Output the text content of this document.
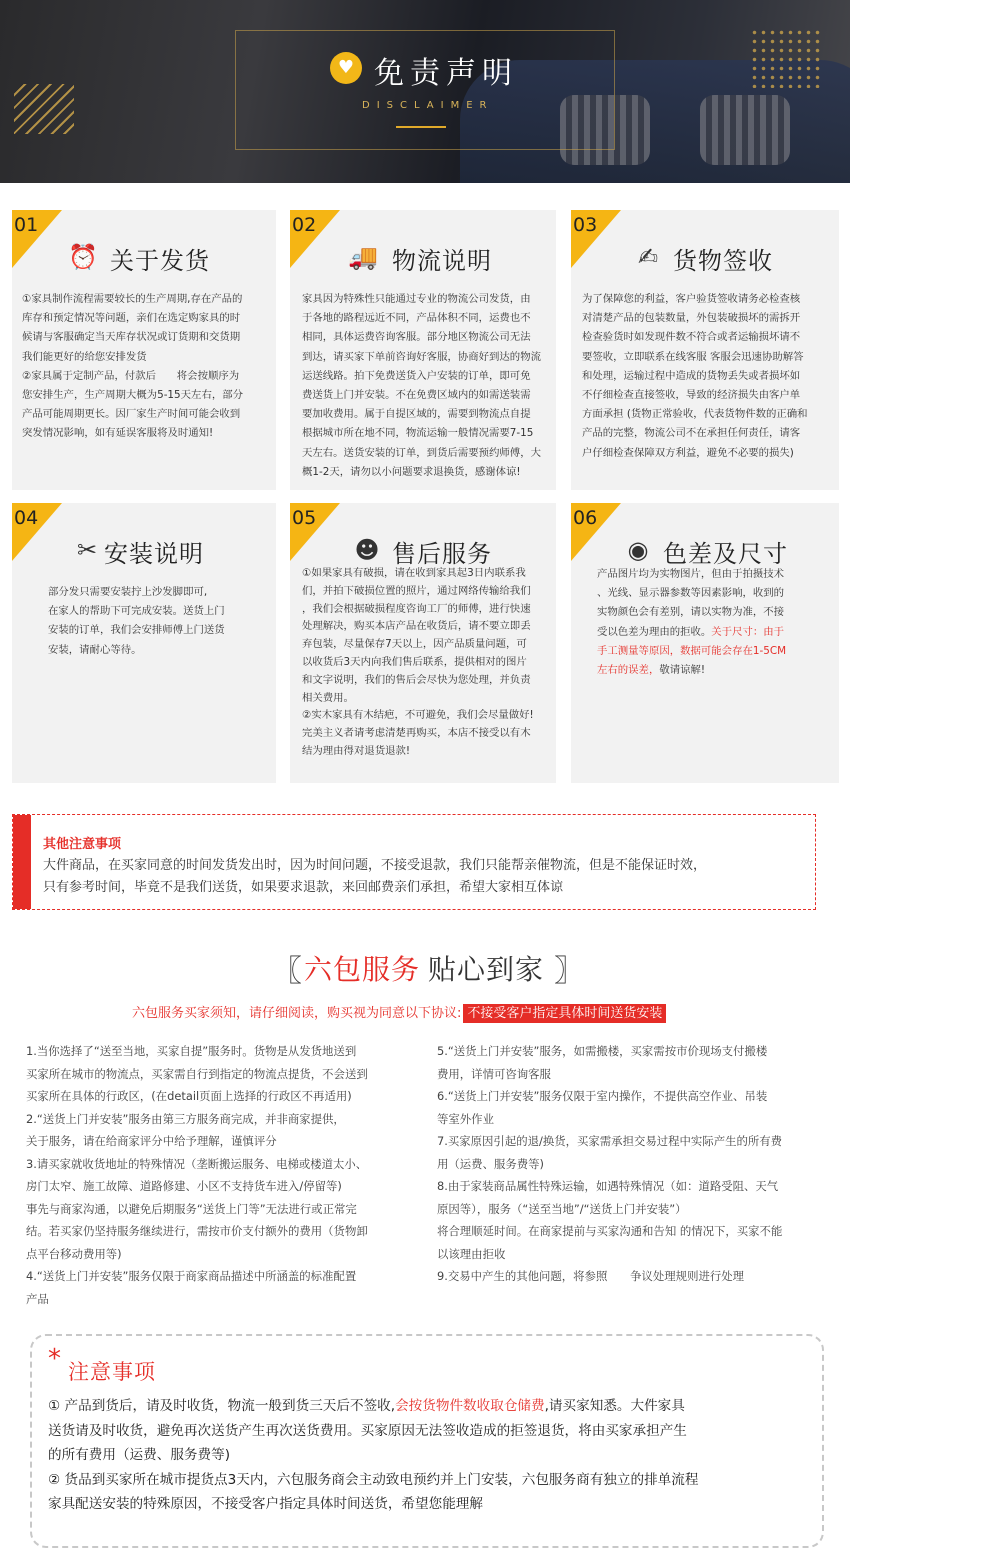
♥ 免责声明
DISCLAIMER
01
⏰ 关于发货

①家具制作流程需要较长的生产周期,存在产品的

库存和预定情况等问题，亲们在选定购家具的时

候请与客服确定当天库存状况或订货期和交货期

我们能更好的给您安排发货

②家具属于定制产品，付款后　　将会按顺序为

您安排生产，生产周期大概为5-15天左右，部分

产品可能周期更长。因厂家生产时间可能会收到

突发情况影响，如有延误客服将及时通知!

02
🚚 物流说明

家具因为特殊性只能通过专业的物流公司发货，由

于各地的路程远近不同，产品体积不同，运费也不

相同，具体运费咨询客服。部分地区物流公司无法

到达，请买家下单前咨询好客服，协商好到达的物流

运送线路。拍下免费送货入户安装的订单，即可免

费送货上门并安装。不在免费区域内的如需送装需

要加收费用。属于自提区域的，需要到物流点自提

根据城市所在地不同，物流运输一般情况需要7-15

天左右。送货安装的订单，到货后需要预约师傅，大

概1-2天，请勿以小问题要求退换货，感谢体谅!

03
✍ 货物签收

为了保障您的利益，客户验货签收请务必检查核

对清楚产品的包装数量，外包装破损坏的需拆开

检查验货时如发现件数不符合或者运输损坏请不

要签收，立即联系在线客服 客服会迅速协助解答

和处理，运输过程中造成的货物丢失或者损坏如

不仔细检查直接签收，导致的经济损失由客户单

方面承担 (货物正常验收，代表货物件数的正确和

产品的完整，物流公司不在承担任何责任，请客

户仔细检查保障双方利益，避免不必要的损失)

04
✂ 安装说明

部分发只需要安装拧上沙发脚即可,

在家人的帮助下可完成安装。送货上门

安装的订单，我们会安排师傅上门送货

安装，请耐心等待。

05
☻ 售后服务

①如果家具有破损，请在收到家具起3日内联系我

们，并拍下破损位置的照片，通过网络传输给我们

，我们会根据破损程度咨询工厂的师傅，进行快速

处理解决，购买本店产品在收货后，请不要立即丢

弃包装，尽量保存7天以上，因产品质量问题，可

以收货后3天内向我们售后联系，提供相对的图片

和文字说明，我们的售后会尽快为您处理，并负责

相关费用。

②实木家具有木结疤，不可避免，我们会尽量做好!

完美主义者请考虑清楚再购买，本店不接受以有木

结为理由得对退货退款!

06
◉ 色差及尺寸

产品图片均为实物图片，但由于拍摄技术

、光线、显示器参数等因素影响，收到的

实物颜色会有差别，请以实物为准，不接

受以色差为理由的拒收。关于尺寸：由于

手工测量等原因，数据可能会存在1-5CM

左右的误差，敬请谅解!

其他注意事项
大件商品，在买家同意的时间发货发出时，因为时间问题，不接受退款，我们只能帮亲催物流，但是不能保证时效，
只有参考时间，毕竟不是我们送货，如果要求退款，来回邮费亲们承担，希望大家相互体谅
〖 六包服务 贴心到家 〗
六包服务买家须知，请仔细阅读，购买视为同意以下协议: 不接受客户指定具体时间送货安装

1.当你选择了“送至当地，买家自提”服务时。货物是从发货地送到

买家所在城市的物流点，买家需自行到指定的物流点提货，不会送到

买家所在具体的行政区，(在detail页面上选择的行政区不再适用)

2.“送货上门并安装”服务由第三方服务商完成，并非商家提供，

关于服务，请在给商家评分中给予理解，谨慎评分

3.请买家就收货地址的特殊情况（垄断搬运服务、电梯或楼道太小、

房门太窄、施工故障、道路修建、小区不支持货车进入/停留等)

事先与商家沟通，以避免后期服务“送货上门等”无法进行或正常完

结。若买家仍坚持服务继续进行，需按市价支付额外的费用（货物卸

点平台移动费用等)

4.“送货上门并安装”服务仅限于商家商品描述中所涵盖的标准配置

产品

5.“送货上门并安装”服务，如需搬楼，买家需按市价现场支付搬楼

费用，详情可咨询客服

6.“送货上门并安装”服务仅限于室内操作，不提供高空作业、吊装

等室外作业

7.买家原因引起的退/换货，买家需承担交易过程中实际产生的所有费

用（运费、服务费等)

8.由于家装商品属性特殊运输，如遇特殊情况（如：道路受阻、天气

原因等），服务（“送至当地”/“送货上门并安装”）

将合理顺延时间。在商家提前与买家沟通和告知 的情况下，买家不能

以该理由拒收

9.交易中产生的其他问题，将参照　　争议处理规则进行处理

* 注意事项

① 产品到货后，请及时收货，物流一般到货三天后不签收,会按货物件数收取仓储费,请买家知悉。大件家具

送货请及时收货，避免再次送货产生再次送货费用。买家原因无法签收造成的拒签退货，将由买家承担产生

的所有费用（运费、服务费等)

② 货品到买家所在城市提货点3天内，六包服务商会主动致电预约并上门安装，六包服务商有独立的排单流程

家具配送安装的特殊原因，不接受客户指定具体时间送货，希望您能理解
